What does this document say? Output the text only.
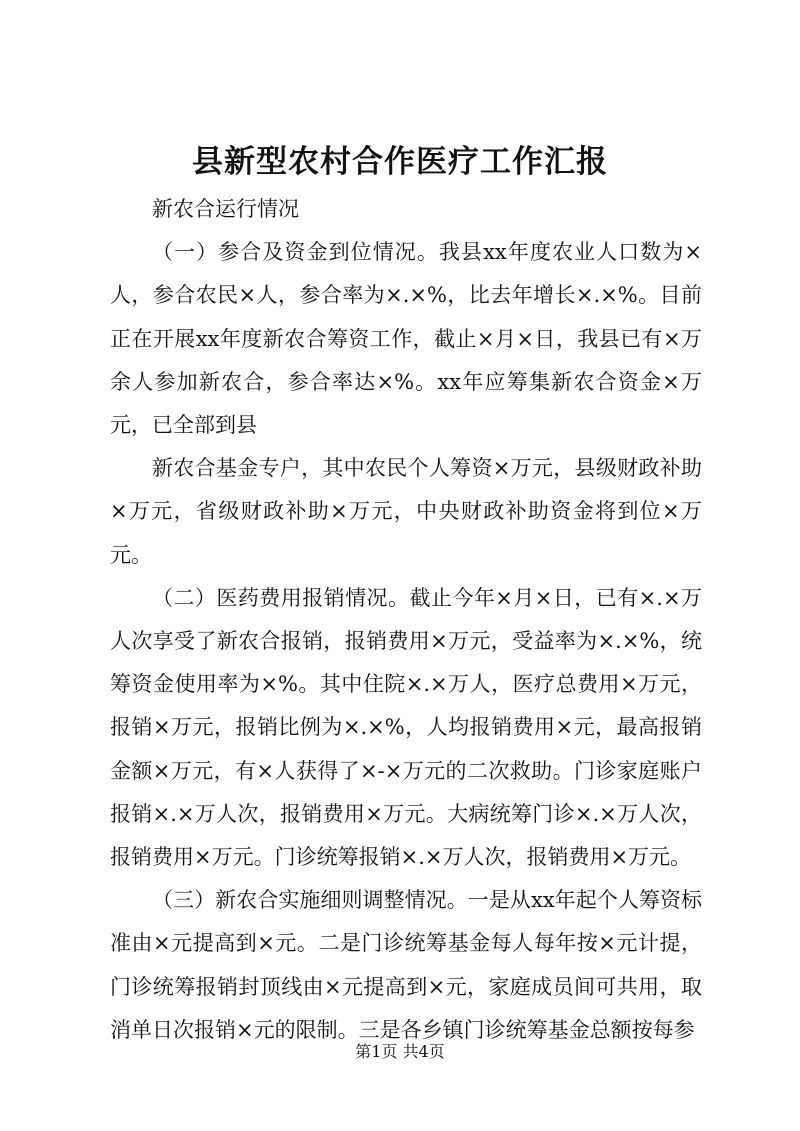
县新型农村合作医疗工作汇报

新农合运行情况

（一）参合及资金到位情况。我县xx年度农业人口数为×人，参合农民×人，参合率为×.×%，比去年增长×.×%。目前正在开展xx年度新农合筹资工作，截止×月×日，我县已有×万余人参加新农合，参合率达×%。xx年应筹集新农合资金×万元，已全部到县

新农合基金专户，其中农民个人筹资×万元，县级财政补助×万元，省级财政补助×万元，中央财政补助资金将到位×万元。

（二）医药费用报销情况。截止今年×月×日，已有×.×万人次享受了新农合报销，报销费用×万元，受益率为×.×%，统筹资金使用率为×%。其中住院×.×万人，医疗总费用×万元，报销×万元，报销比例为×.×%，人均报销费用×元，最高报销金额×万元，有×人获得了×-×万元的二次救助。门诊家庭账户报销×.×万人次，报销费用×万元。大病统筹门诊×.×万人次，报销费用×万元。门诊统筹报销×.×万人次，报销费用×万元。

（三）新农合实施细则调整情况。一是从xx年起个人筹资标准由×元提高到×元。二是门诊统筹基金每人每年按×元计提，门诊统筹报销封顶线由×元提高到×元，家庭成员间可共用，取消单日次报销×元的限制。三是各乡镇门诊统筹基金总额按每参

第1页 共4页
